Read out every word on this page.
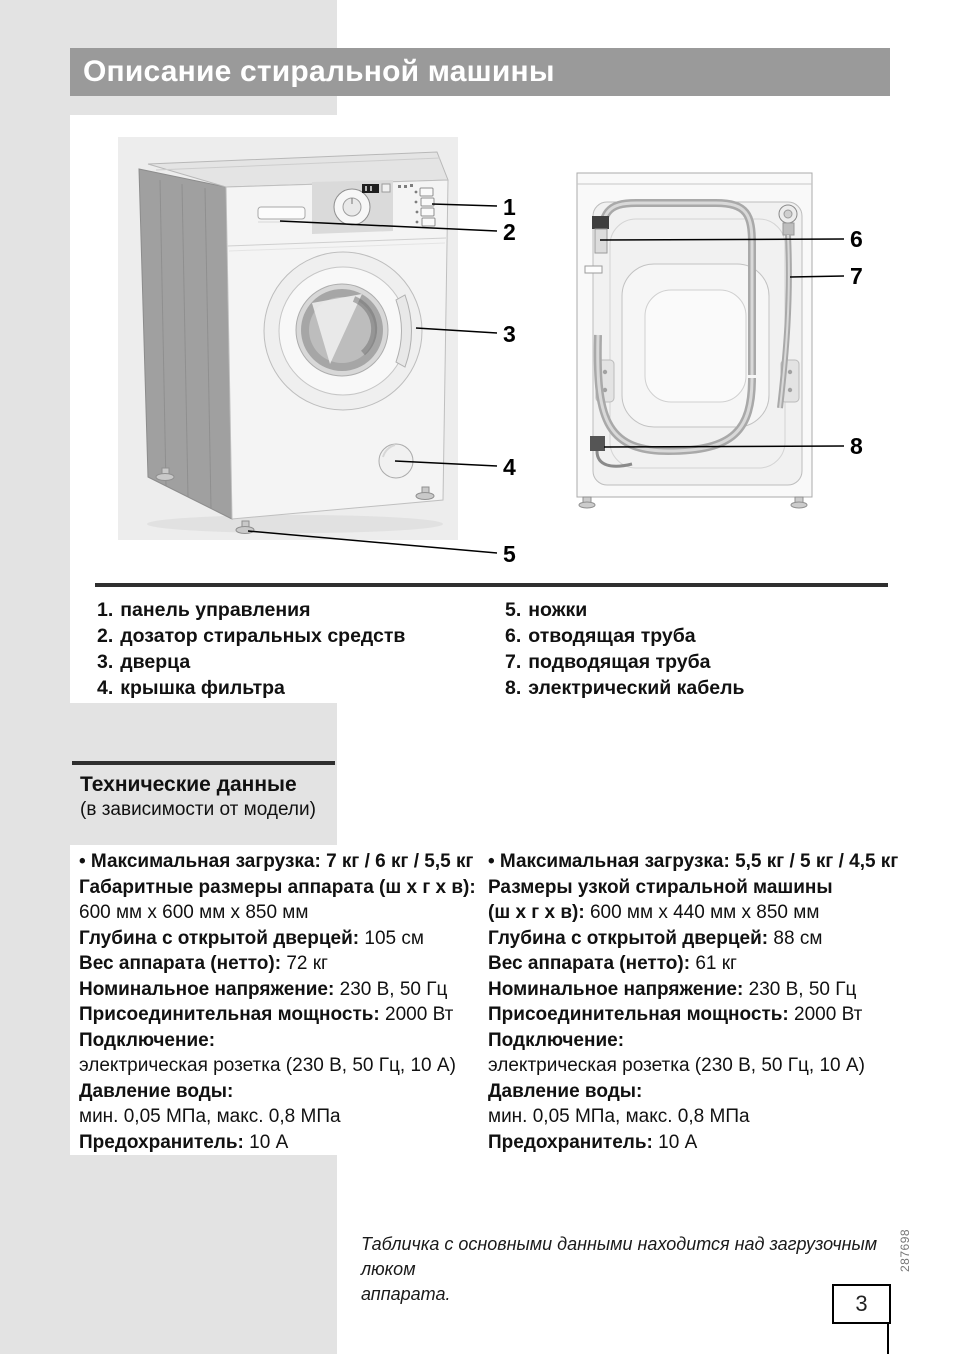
Описание стиральной машины
1
2
3
4
5
6
7
8
1. панель управления
2. дозатор стиральных средств
3. дверца
4. крышка фильтра
5. ножки
6. отводящая труба
7. подводящая труба
8. электрический кабель
Технические данные
(в зависимости от модели)
• Максимальная загрузка: 7 кг / 6 кг / 5,5 кг
Габаритные размеры аппарата (ш х г х в):
600 мм х 600 мм х 850 мм
Глубина с открытой дверцей: 105 см
Вес аппарата (нетто): 72 кг
Номинальное напряжение: 230 В, 50 Гц
Присоединительная мощность: 2000 Вт
Подключение:
электрическая розетка (230 В, 50 Гц, 10 А)
Давление воды:
мин. 0,05 МПа, макс. 0,8 МПа
Предохранитель: 10 А
• Максимальная загрузка: 5,5 кг / 5 кг / 4,5 кг
Размеры узкой стиральной машины
(ш х г х в): 600 мм х 440 мм х 850 мм
Глубина с открытой дверцей: 88 см
Вес аппарата (нетто): 61 кг
Номинальное напряжение: 230 В, 50 Гц
Присоединительная мощность: 2000 Вт
Подключение:
электрическая розетка (230 В, 50 Гц, 10 А)
Давление воды:
мин. 0,05 МПа, макс. 0,8 МПа
Предохранитель: 10 А
Табличка с основными данными находится над загрузочным люком
аппарата.
287698
3
